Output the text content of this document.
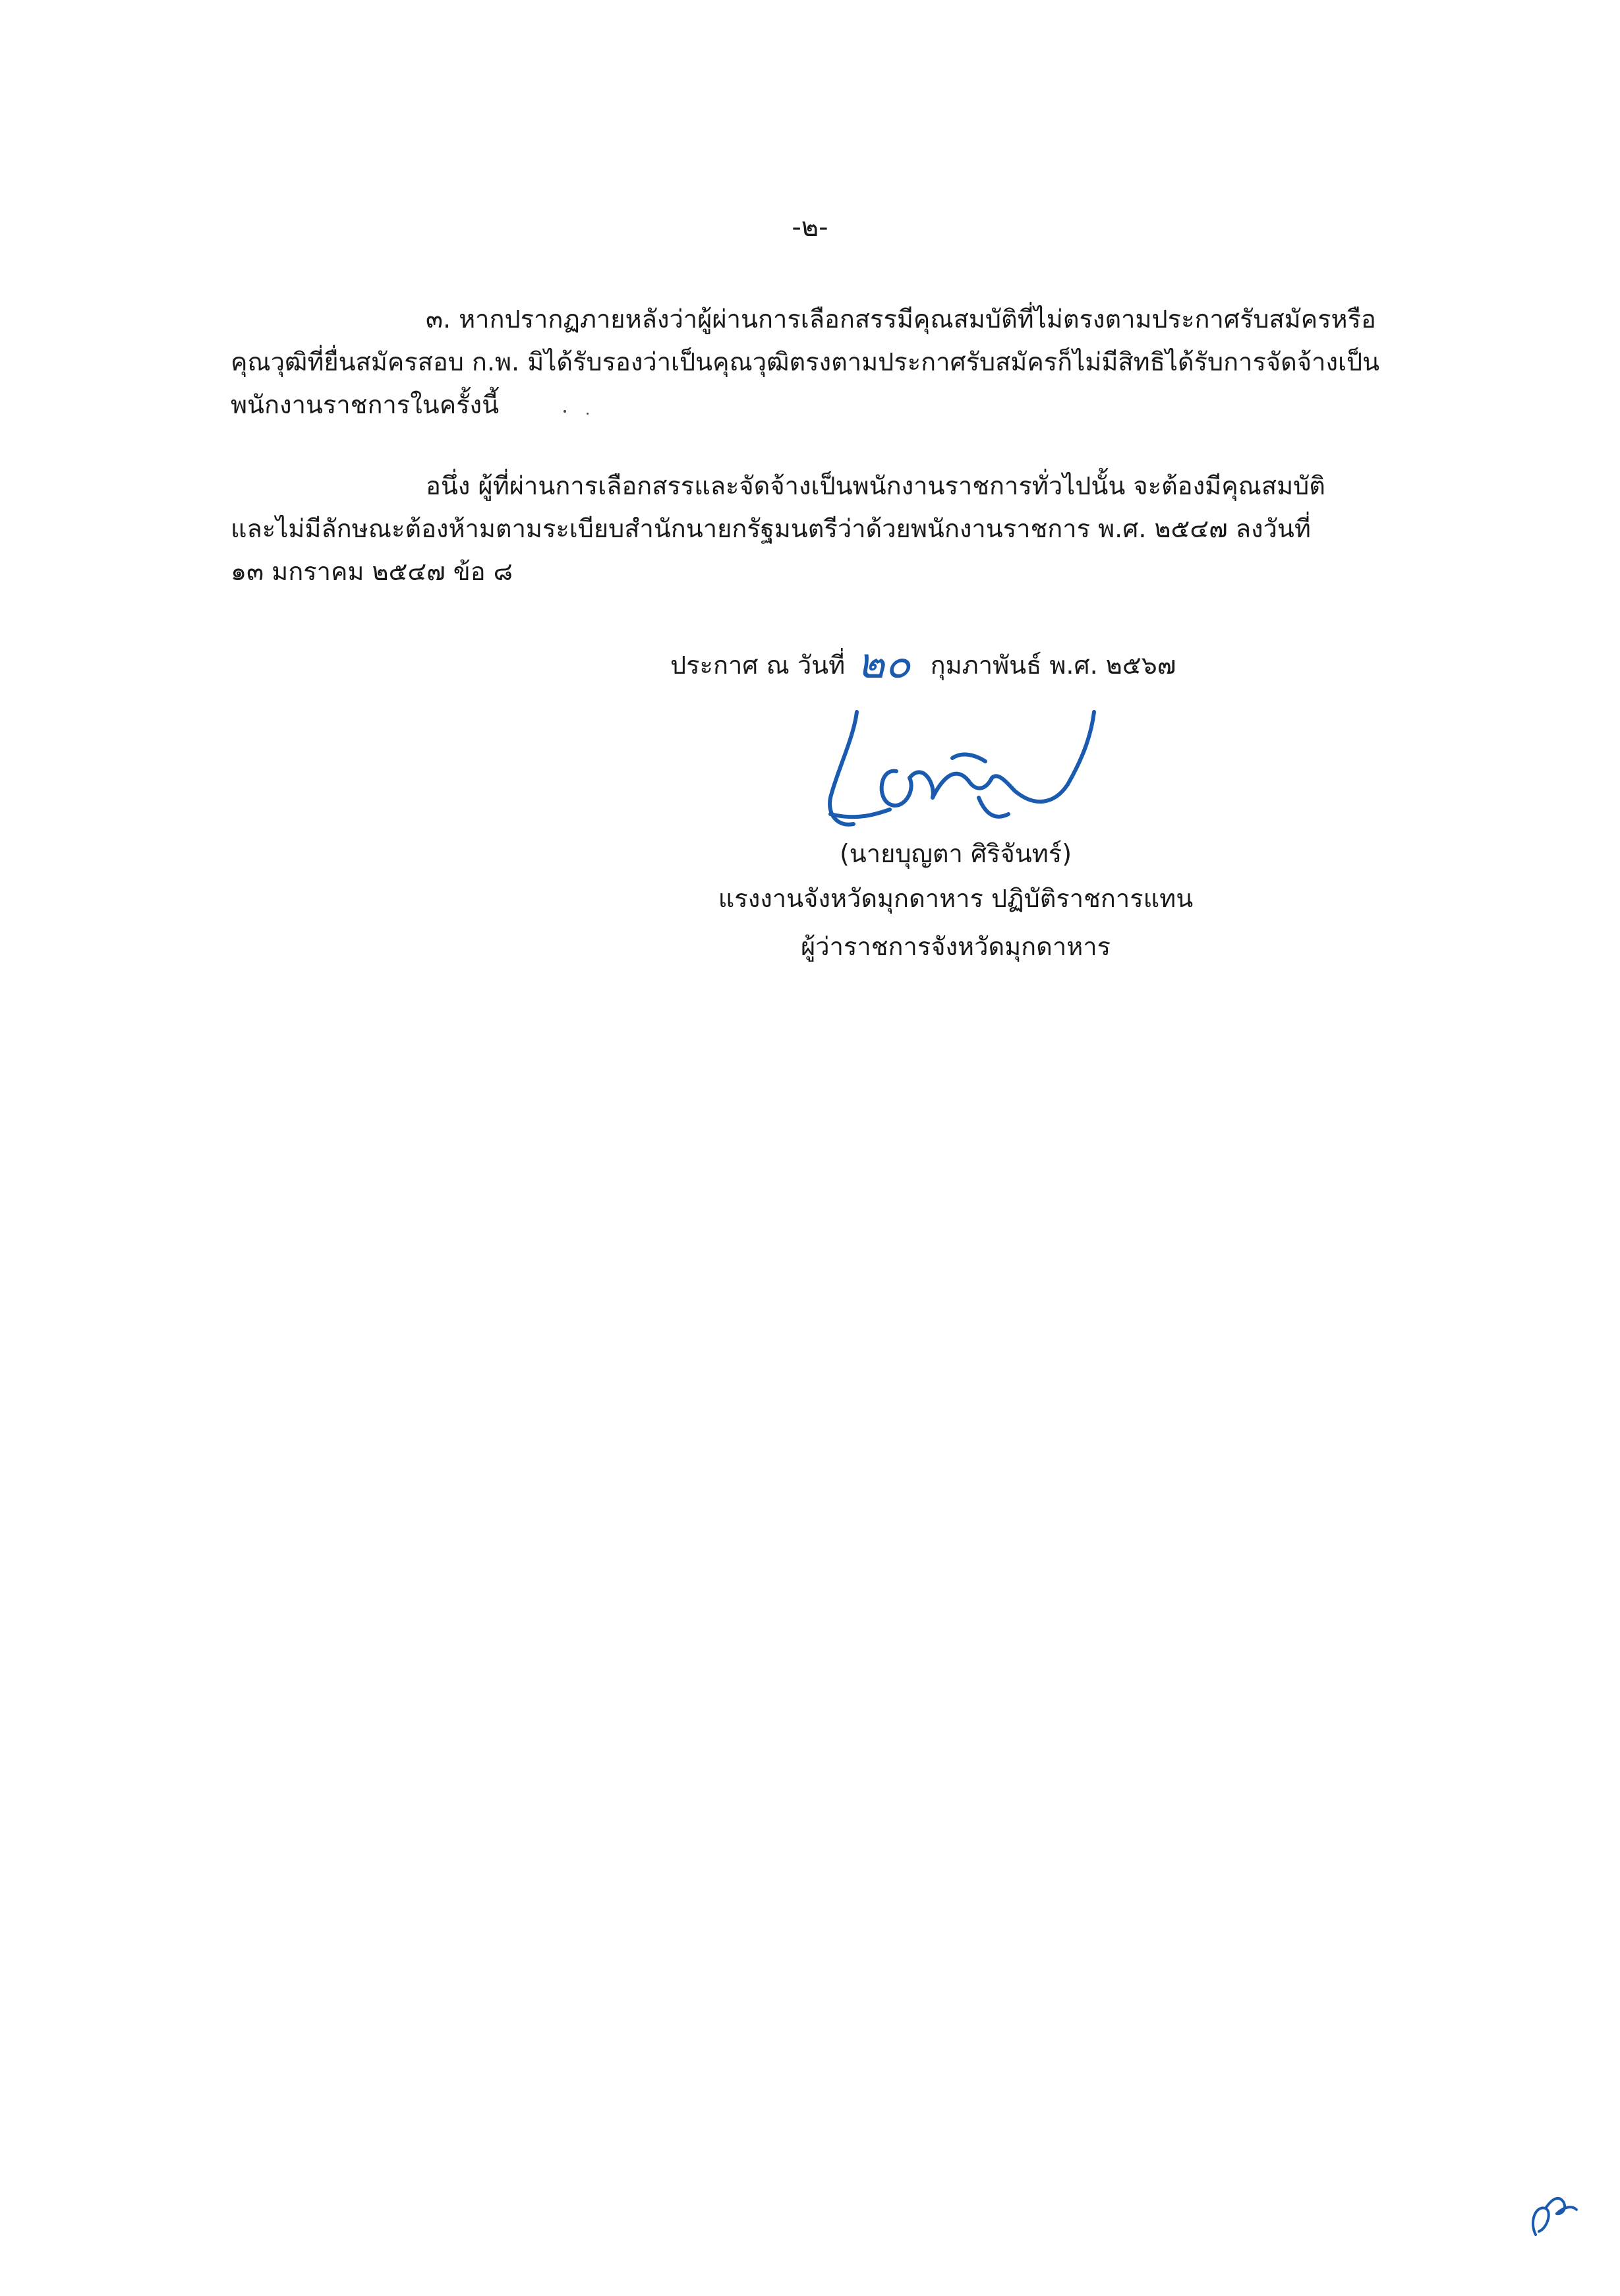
-๒-

๓. หากปรากฏภายหลังว่าผู้ผ่านการเลือกสรรมีคุณสมบัติที่ไม่ตรงตามประกาศรับสมัครหรือ
คุณวุฒิที่ยื่นสมัครสอบ ก.พ. มิได้รับรองว่าเป็นคุณวุฒิตรงตามประกาศรับสมัครก็ไม่มีสิทธิได้รับการจัดจ้างเป็น
พนักงานราชการในครั้งนี้

อนึ่ง ผู้ที่ผ่านการเลือกสรรและจัดจ้างเป็นพนักงานราชการทั่วไปนั้น จะต้องมีคุณสมบัติ
และไม่มีลักษณะต้องห้ามตามระเบียบสำนักนายกรัฐมนตรีว่าด้วยพนักงานราชการ พ.ศ. ๒๕๔๗ ลงวันที่
๑๓ มกราคม ๒๕๔๗ ข้อ ๘

ประกาศ ณ วันที่ ๒๐ กุมภาพันธ์ พ.ศ. ๒๕๖๗
(นายบุญตา ศิริจันทร์)
แรงงานจังหวัดมุกดาหาร ปฏิบัติราชการแทน
ผู้ว่าราชการจังหวัดมุกดาหาร
